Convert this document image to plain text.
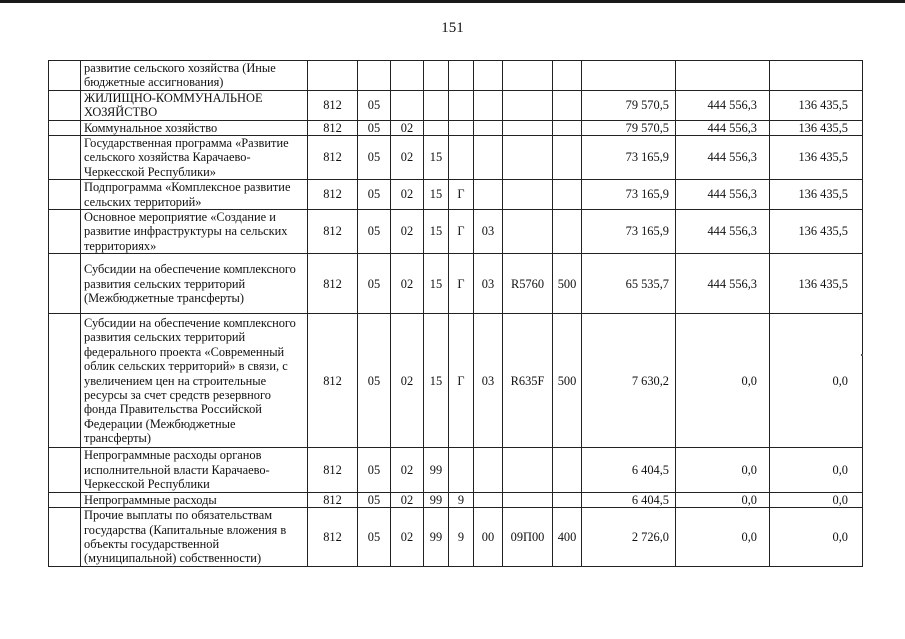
151
	развитие сельского хозяйства (Иные бюджетные ассигнования)											
	ЖИЛИЩНО-КОММУНАЛЬНОЕ ХОЗЯЙСТВО	812	05							79 570,5	444 556,3	136 435,5
	Коммунальное хозяйство	812	05	02						79 570,5	444 556,3	136 435,5
	Государственная программа «Развитие сельского хозяйства Карачаево-Черкесской Республики»	812	05	02	15					73 165,9	444 556,3	136 435,5
	Подпрограмма «Комплексное развитие сельских территорий»	812	05	02	15	Г				73 165,9	444 556,3	136 435,5
	Основное мероприятие «Создание и развитие инфраструктуры на сельских территориях»	812	05	02	15	Г	03			73 165,9	444 556,3	136 435,5
	Субсидии на обеспечение комплексного развития сельских территорий (Межбюджетные трансферты)	812	05	02	15	Г	03	R5760	500	65 535,7	444 556,3	136 435,5
	Субсидии на обеспечение комплексного развития сельских территорий федерального проекта «Современный облик сельских территорий» в связи, с увеличением цен на строительные ресурсы за счет средств резервного фонда Правительства Российской Федерации (Межбюджетные трансферты)	812	05	02	15	Г	03	R635F	500	7 630,2	0,0	0,0
	Непрограммные расходы органов исполнительной власти Карачаево-Черкесской Республики	812	05	02	99					6 404,5	0,0	0,0
	Непрограммные расходы	812	05	02	99	9				6 404,5	0,0	0,0
	Прочие выплаты по обязательствам государства (Капитальные вложения в объекты государственной (муниципальной) собственности)	812	05	02	99	9	00	09П00	400	2 726,0	0,0	0,0
